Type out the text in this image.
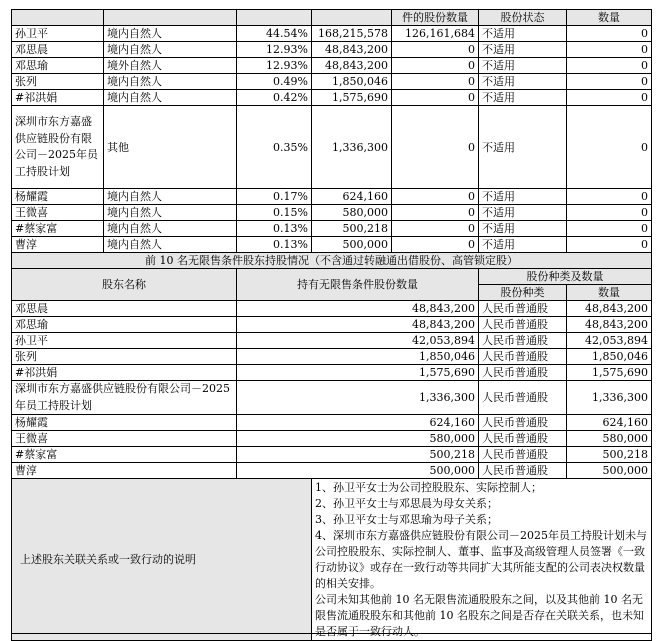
				件的股份数量	股份状态	数量
孙卫平	境内自然人	44.54%	168,215,578	126,161,684	不适用	0
邓思晨	境内自然人	12.93%	48,843,200	0	不适用	0
邓思瑜	境外自然人	12.93%	48,843,200	0	不适用	0
张列	境内自然人	0.49%	1,850,046	0	不适用	0
#祁洪娟	境内自然人	0.42%	1,575,690	0	不适用	0
深圳市东方嘉盛供应链股份有限公司－2025年员工持股计划	其他	0.35%	1,336,300	0	不适用	0
杨耀霞	境内自然人	0.17%	624,160	0	不适用	0
王微喜	境内自然人	0.15%	580,000	0	不适用	0
#蔡家富	境内自然人	0.13%	500,218	0	不适用	0
曹淳	境内自然人	0.13%	500,000	0	不适用	0
前 10 名无限售条件股东持股情况（不含通过转融通出借股份、高管锁定股）						
股东名称		持有无限售条件股份数量			股份种类及数量	
					股份种类	数量
邓思晨		48,843,200			人民币普通股	48,843,200
邓思瑜		48,843,200			人民币普通股	48,843,200
孙卫平		42,053,894			人民币普通股	42,053,894
张列		1,850,046			人民币普通股	1,850,046
#祁洪娟		1,575,690			人民币普通股	1,575,690
深圳市东方嘉盛供应链股份有限公司－2025年员工持股计划		1,336,300			人民币普通股	1,336,300
杨耀霞		624,160			人民币普通股	624,160
王微喜		580,000			人民币普通股	580,000
#蔡家富		500,218			人民币普通股	500,218
曹淳		500,000			人民币普通股	500,000
上述股东关联关系或一致行动的说明			1、孙卫平女士为公司控股股东、实际控制人；
2、孙卫平女士与邓思晨为母女关系；
3、孙卫平女士与邓思瑜为母子关系；
4、深圳市东方嘉盛供应链股份有限公司－2025年员工持股计划未与公司控股股东、实际控制人、董事、监事及高级管理人员签署《一致行动协议》或存在一致行动等共同扩大其所能支配的公司表决权数量的相关安排。
公司未知其他前 10 名无限售流通股股东之间，以及其他前 10 名无限售流通股股东和其他前 10 名股东之间是否存在关联关系，也未知是否属于一致行动人。			
